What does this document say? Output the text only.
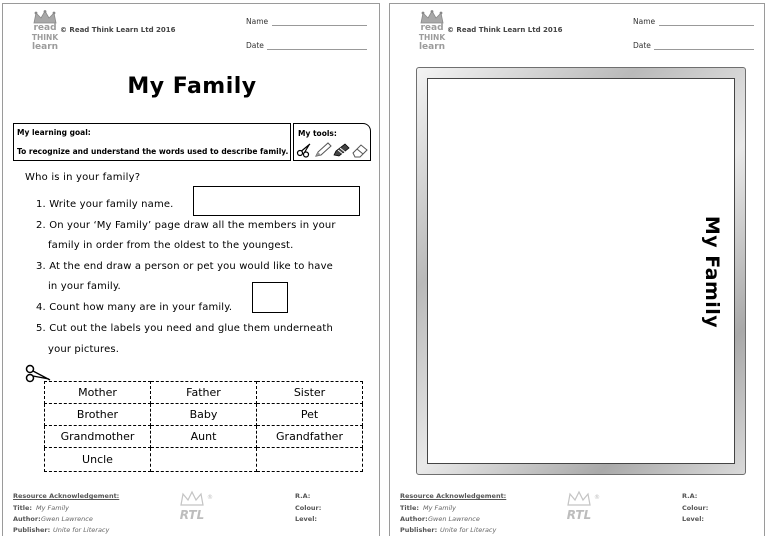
read
THINK
learn
© Read Think Learn Ltd 2016
Name
Date
My Family
My learning goal:
To recognize and understand the words used to describe family.
My tools:
Who is in your family?
1. Write your family name.
2. On your ‘My Family’ page draw all the members in your
family in order from the oldest to the youngest.
3. At the end draw a person or pet you would like to have
in your family.
4. Count how many are in your family.
5. Cut out the labels you need and glue them underneath
your pictures.
Mother	Father	Sister
Brother	Baby	Pet
Grandmother	Aunt	Grandfather
Uncle		
Resource Acknowledgement:
Title: My Family
Author: Gwen Lawrence
Publisher: Unite for Literacy
RTL
®	R.A:
Colour:
Level:
read
THINK
learn
© Read Think Learn Ltd 2016
Name
Date
My Family
Resource Acknowledgement:
Title: My Family
Author: Gwen Lawrence
Publisher: Unite for Literacy
RTL
®	R.A:
Colour:
Level:
